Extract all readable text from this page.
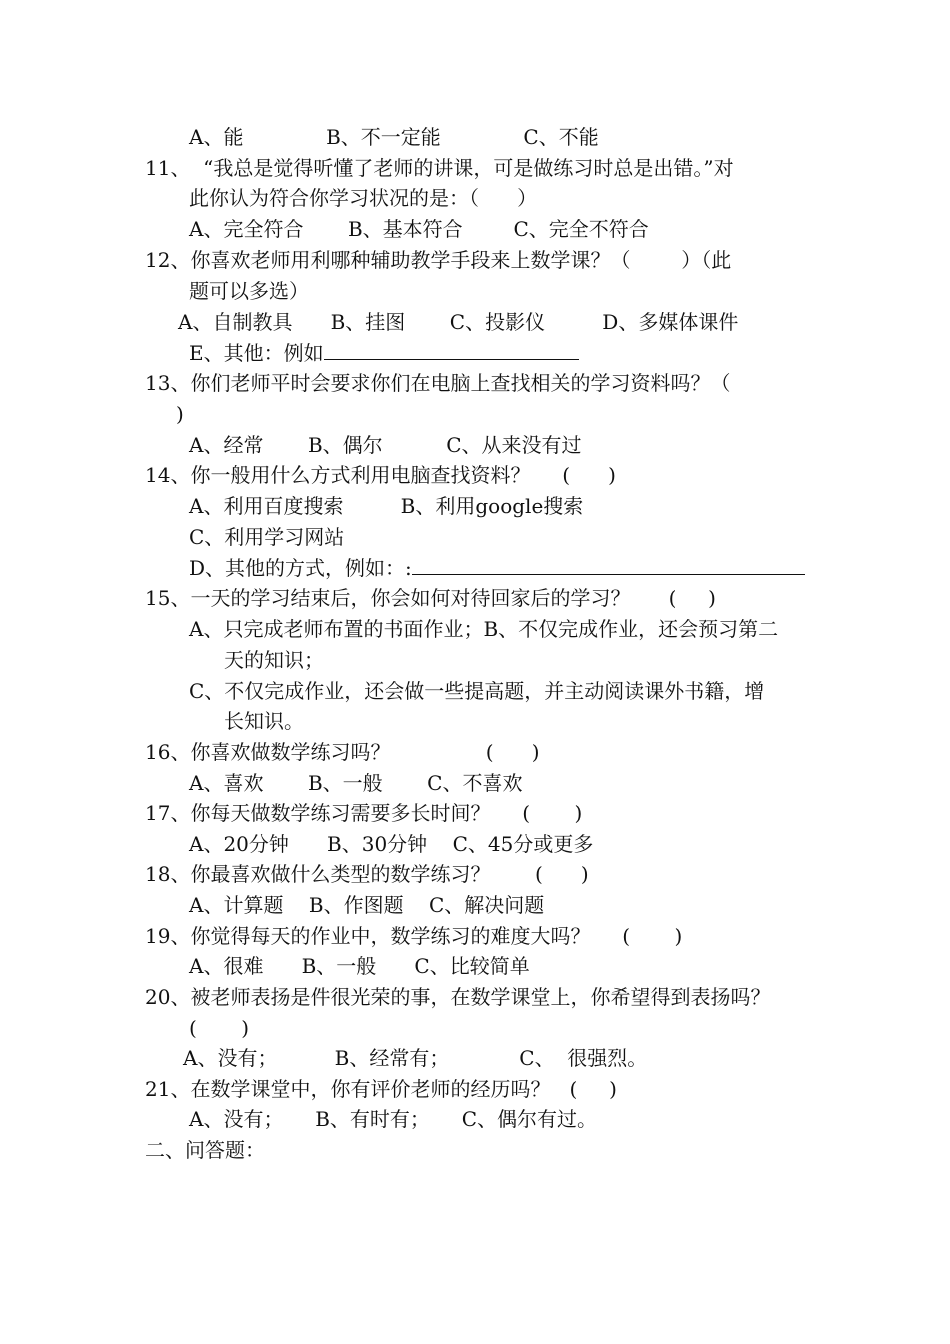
A、能             B、不一定能             C、不能
11、  “我总是觉得听懂了老师的讲课，可是做练习时总是出错。”对
此你认为符合你学习状况的是：（      ）
A、完全符合       B、基本符合        C、完全不符合
12、你喜欢老师用利哪种辅助教学手段来上数学课？（        ）（此
题可以多选）
A、自制教具      B、挂图       C、投影仪         D、多媒体课件
E、其他：例如
13、你们老师平时会要求你们在电脑上查找相关的学习资料吗？（
)
A、经常       B、偶尔          C、从来没有过
14、你一般用什么方式利用电脑查找资料？     (      )
A、利用百度搜索         B、利用google搜索
C、利用学习网站
D、其他的方式，例如：:
15、一天的学习结束后，你会如何对待回家后的学习？      (     )
A、只完成老师布置的书面作业；B、不仅完成作业，还会预习第二
天的知识；
C、不仅完成作业，还会做一些提高题，并主动阅读课外书籍，增
长知识。
16、你喜欢做数学练习吗？               (      )
A、喜欢       B、一般       C、不喜欢
17、你每天做数学练习需要多长时间？     (       )
A、20分钟      B、30分钟    C、45分或更多
18、你最喜欢做什么类型的数学练习？       (      )
A、计算题    B、作图题    C、解决问题
19、你觉得每天的作业中，数学练习的难度大吗？     (       )
A、很难      B、一般      C、比较简单
20、被老师表扬是件很光荣的事，在数学课堂上，你希望得到表扬吗？
(       )
A、没有；         B、经常有；           C、  很强烈。
21、在数学课堂中，你有评价老师的经历吗？   (     )
A、没有；     B、有时有；     C、偶尔有过。
二、问答题：
